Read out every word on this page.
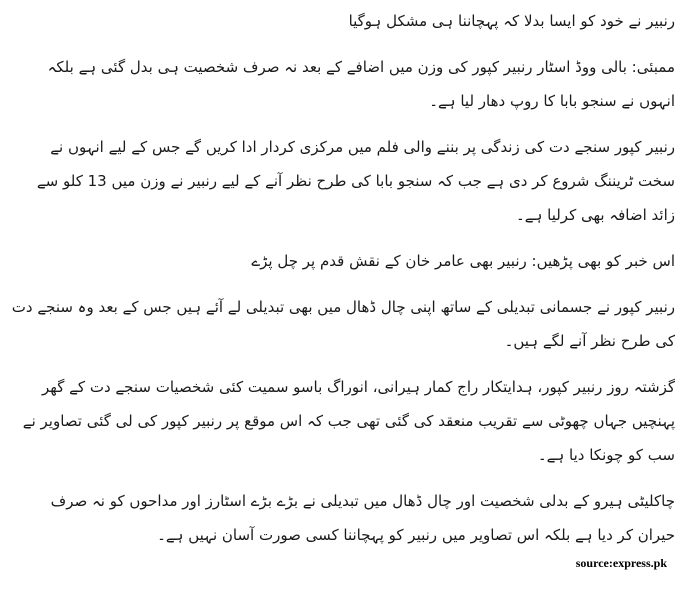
رنبیر نے خود کو ایسا بدلا کہ پہچاننا ہی مشکل ہوگیا

ممبئی: بالی ووڈ اسٹار رنبیر کپور کی وزن میں اضافے کے بعد نہ صرف شخصیت ہی بدل گئی ہے بلکہ انہوں نے سنجو بابا کا روپ دھار لیا ہے۔

رنبیر کپور سنجے دت کی زندگی پر بننے والی فلم میں مرکزی کردار ادا کریں گے جس کے لیے انہوں نے سخت ٹریننگ شروع کر دی ہے جب کہ سنجو بابا کی طرح نظر آنے کے لیے رنبیر نے وزن میں 13 کلو سے زائد اضافہ بھی کرلیا ہے۔

اس خبر کو بھی پڑھیں: رنبیر بھی عامر خان کے نقش قدم پر چل پڑے

رنبیر کپور نے جسمانی تبدیلی کے ساتھ اپنی چال ڈھال میں بھی تبدیلی لے آئے ہیں جس کے بعد وہ سنجے دت کی طرح نظر آنے لگے ہیں۔

گزشتہ روز رنبیر کپور، ہدایتکار راج کمار ہیرانی، انوراگ باسو سمیت کئی شخصیات سنجے دت کے گھر پہنچیں جہاں چھوٹی سے تقریب منعقد کی گئی تھی جب کہ اس موقع پر رنبیر کپور کی لی گئی تصاویر نے سب کو چونکا دیا ہے۔

چاکلیٹی ہیرو کے بدلی شخصیت اور چال ڈھال میں تبدیلی نے بڑے بڑے اسٹارز اور مداحوں کو نہ صرف حیران کر دیا ہے بلکہ اس تصاویر میں رنبیر کو پہچاننا کسی صورت آسان نہیں ہے۔

source:express.pk
